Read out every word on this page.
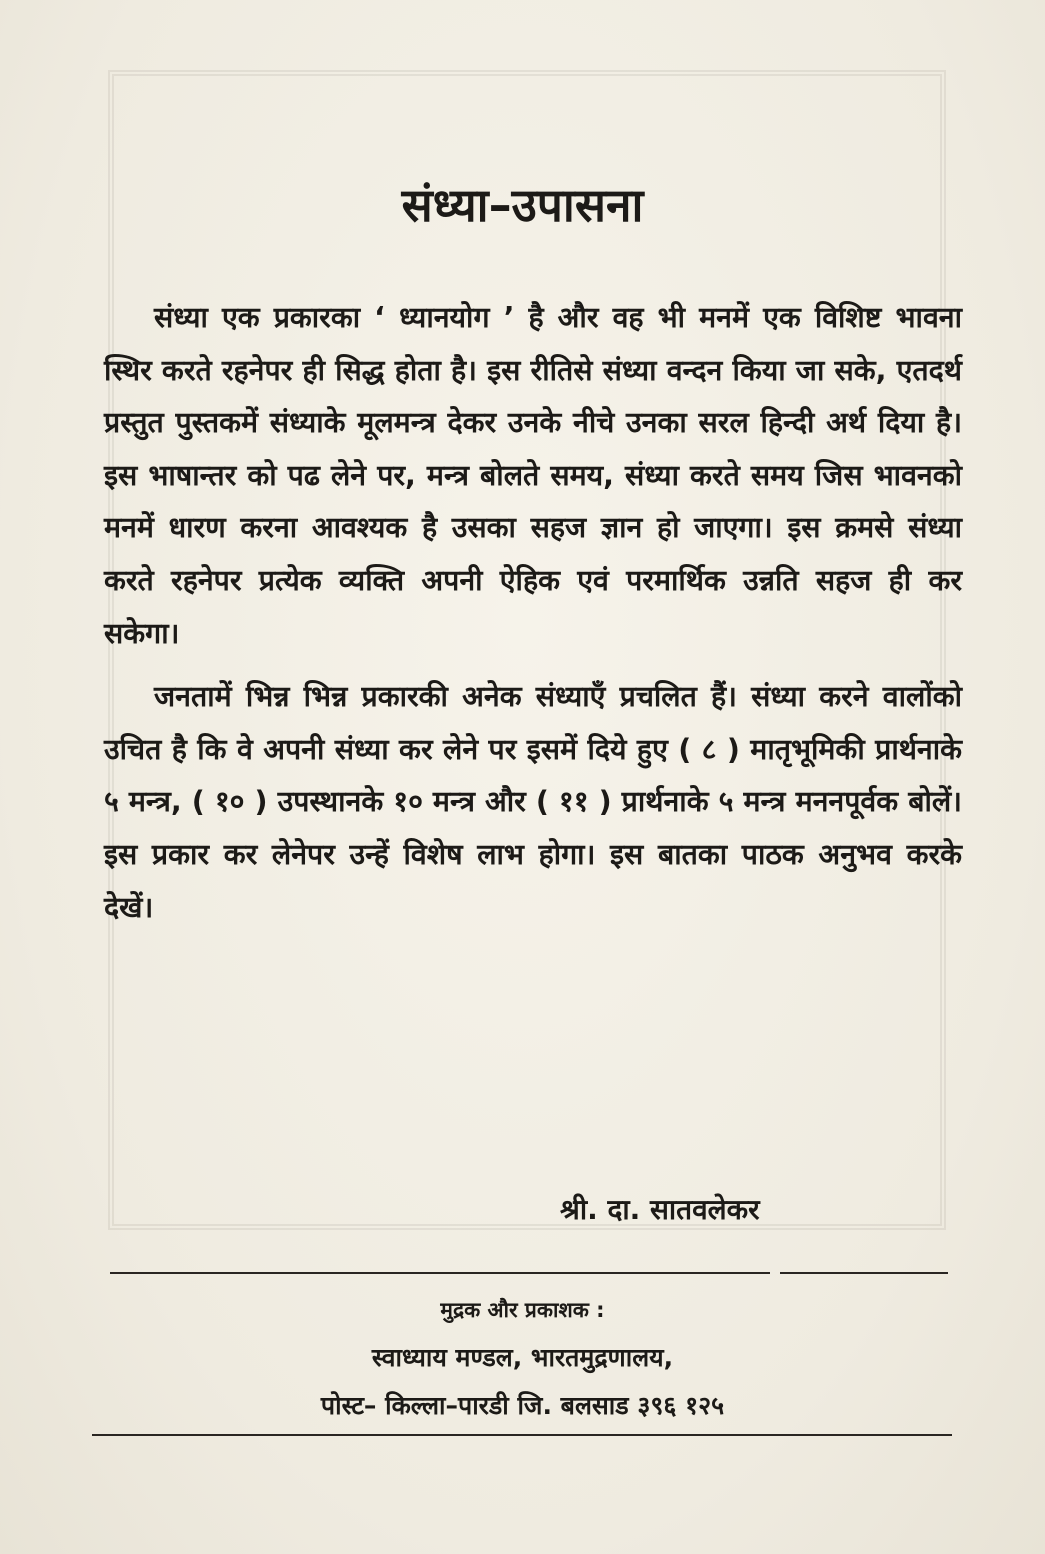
संध्या–उपासना

संध्या एक प्रकारका ‘ ध्यानयोग ’ है और वह भी मनमें एक विशिष्ट भावना स्थिर करते रहनेपर ही सिद्ध होता है। इस रीतिसे संध्या वन्दन किया जा सके, एतदर्थ प्रस्तुत पुस्तकमें संध्याके मूलमन्त्र देकर उनके नीचे उनका सरल हिन्दी अर्थ दिया है। इस भाषान्तर को पढ लेने पर, मन्त्र बोलते समय, संध्या करते समय जिस भावनको मनमें धारण करना आवश्यक है उसका सहज ज्ञान हो जाएगा। इस क्रमसे संध्या करते रहनेपर प्रत्येक व्यक्ति अपनी ऐहिक एवं परमार्थिक उन्नति सहज ही कर सकेगा।

जनतामें भिन्न भिन्न प्रकारकी अनेक संध्याएँ प्रचलित हैं। संध्या करने वालोंको उचित है कि वे अपनी संध्या कर लेने पर इसमें दिये हुए ( ८ ) मातृभूमिकी प्रार्थनाके ५ मन्त्र, ( १० ) उपस्थानके १० मन्त्र और ( ११ ) प्रार्थनाके ५ मन्त्र मननपूर्वक बोलें। इस प्रकार कर लेनेपर उन्हें विशेष लाभ होगा। इस बातका पाठक अनुभव करके देखें।

श्री. दा. सातवलेकर
मुद्रक और प्रकाशक :
स्वाध्याय मण्डल, भारतमुद्रणालय,
पोस्ट– किल्ला–पारडी जि. बलसाड ३९६ १२५
